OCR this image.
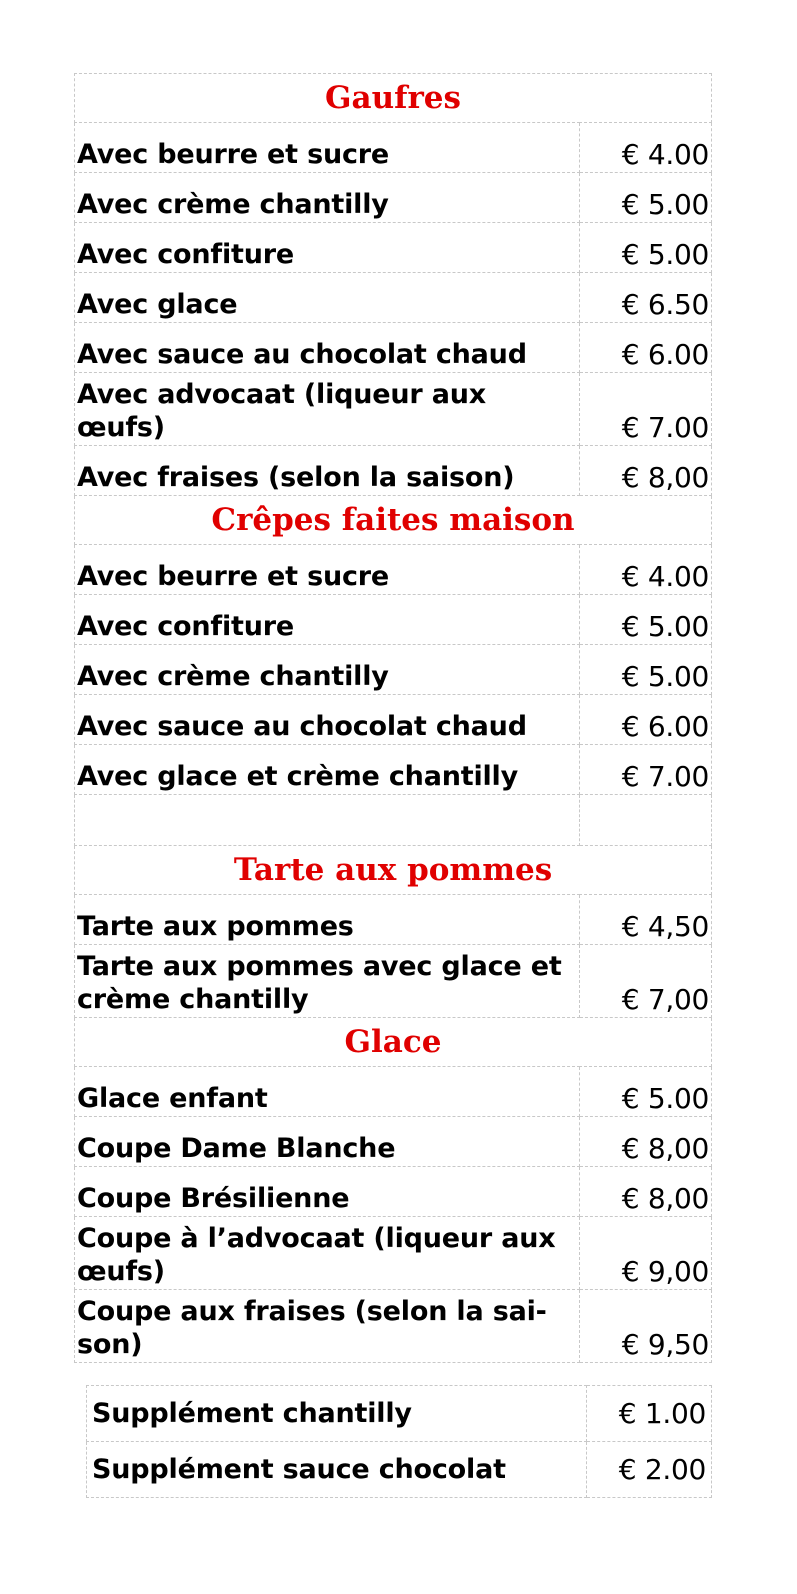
Gaufres	
Avec beurre et sucre	€ 4.00
Avec crème chantilly	€ 5.00
Avec confiture	€ 5.00
Avec glace	€ 6.50
Avec sauce au chocolat chaud	€ 6.00
Avec advocaat (liqueur aux œufs)	€ 7.00
Avec fraises (selon la saison)	€ 8,00
Crêpes faites maison	
Avec beurre et sucre	€ 4.00
Avec confiture	€ 5.00
Avec crème chantilly	€ 5.00
Avec sauce au chocolat chaud	€ 6.00
Avec glace et crème chantilly	€ 7.00

Tarte aux pommes	
Tarte aux pommes	€ 4,50
Tarte aux pommes avec glace et crème chantilly	€ 7,00
Glace	
Glace enfant	€ 5.00
Coupe Dame Blanche	€ 8,00
Coupe Brésilienne	€ 8,00
Coupe à l’advocaat (liqueur aux œufs)	€ 9,00
Coupe aux fraises (selon la sai-son)	€ 9,50
Supplément chantilly	€ 1.00
Supplément sauce chocolat	€ 2.00
